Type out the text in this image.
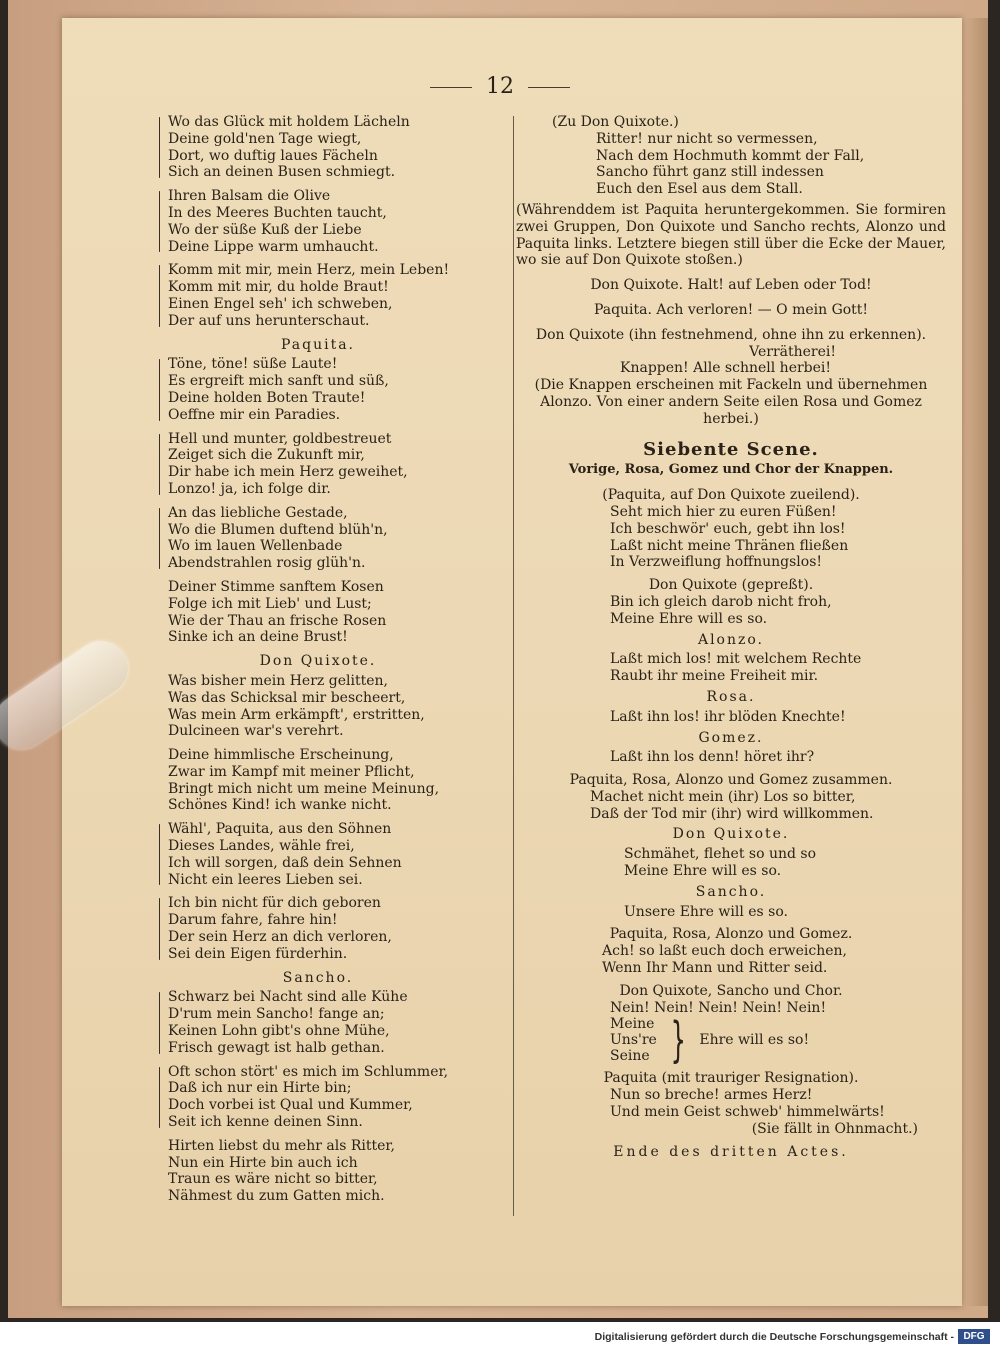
12
Wo das Glück mit holdem Lächeln
Deine gold'nen Tage wiegt,
Dort, wo duftig laues Fächeln
Sich an deinen Busen schmiegt.
Ihren Balsam die Olive
In des Meeres Buchten taucht,
Wo der süße Kuß der Liebe
Deine Lippe warm umhaucht.
Komm mit mir, mein Herz, mein Leben!
Komm mit mir, du holde Braut!
Einen Engel seh' ich schweben,
Der auf uns herunterschaut.
Paquita.
Töne, töne! süße Laute!
Es ergreift mich sanft und süß,
Deine holden Boten Traute!
Oeffne mir ein Paradies.
Hell und munter, goldbestreuet
Zeiget sich die Zukunft mir,
Dir habe ich mein Herz geweihet,
Lonzo! ja, ich folge dir.
An das liebliche Gestade,
Wo die Blumen duftend blüh'n,
Wo im lauen Wellenbade
Abendstrahlen rosig glüh'n.
Deiner Stimme sanftem Kosen
Folge ich mit Lieb' und Lust;
Wie der Thau an frische Rosen
Sinke ich an deine Brust!
Don Quixote.
Was bisher mein Herz gelitten,
Was das Schicksal mir bescheert,
Was mein Arm erkämpft', erstritten,
Dulcineen war's verehrt.
Deine himmlische Erscheinung,
Zwar im Kampf mit meiner Pflicht,
Bringt mich nicht um meine Meinung,
Schönes Kind! ich wanke nicht.
Wähl', Paquita, aus den Söhnen
Dieses Landes, wähle frei,
Ich will sorgen, daß dein Sehnen
Nicht ein leeres Lieben sei.
Ich bin nicht für dich geboren
Darum fahre, fahre hin!
Der sein Herz an dich verloren,
Sei dein Eigen fürderhin.
Sancho.
Schwarz bei Nacht sind alle Kühe
D'rum mein Sancho! fange an;
Keinen Lohn gibt's ohne Mühe,
Frisch gewagt ist halb gethan.
Oft schon stört' es mich im Schlummer,
Daß ich nur ein Hirte bin;
Doch vorbei ist Qual und Kummer,
Seit ich kenne deinen Sinn.
Hirten liebst du mehr als Ritter,
Nun ein Hirte bin auch ich
Traun es wäre nicht so bitter,
Nähmest du zum Gatten mich.
(Zu Don Quixote.)
Ritter! nur nicht so vermessen,
Nach dem Hochmuth kommt der Fall,
Sancho führt ganz still indessen
Euch den Esel aus dem Stall.
(Währenddem ist Paquita heruntergekommen. Sie formiren zwei Gruppen, Don Quixote und Sancho rechts, Alonzo und Paquita links. Letztere biegen still über die Ecke der Mauer, wo sie auf Don Quixote stoßen.)
Don Quixote. Halt! auf Leben oder Tod!
Paquita. Ach verloren! — O mein Gott!
Don Quixote (ihn festnehmend, ohne ihn zu erkennen).
Verrätherei!
Knappen! Alle schnell herbei!
(Die Knappen erscheinen mit Fackeln und übernehmen Alonzo. Von einer andern Seite eilen Rosa und Gomez herbei.)
Siebente Scene.
Vorige, Rosa, Gomez und Chor der Knappen.
(Paquita, auf Don Quixote zueilend).
Seht mich hier zu euren Füßen!
Ich beschwör' euch, gebt ihn los!
Laßt nicht meine Thränen fließen
In Verzweiflung hoffnungslos!
Don Quixote (gepreßt).
Bin ich gleich darob nicht froh,
Meine Ehre will es so.
Alonzo.
Laßt mich los! mit welchem Rechte
Raubt ihr meine Freiheit mir.
Rosa.
Laßt ihn los! ihr blöden Knechte!
Gomez.
Laßt ihn los denn! höret ihr?
Paquita, Rosa, Alonzo und Gomez zusammen.
Machet nicht mein (ihr) Los so bitter,
Daß der Tod mir (ihr) wird willkommen.
Don Quixote.
Schmähet, flehet so und so
Meine Ehre will es so.
Sancho.
Unsere Ehre will es so.
Paquita, Rosa, Alonzo und Gomez.
Ach! so laßt euch doch erweichen,
Wenn Ihr Mann und Ritter seid.
Don Quixote, Sancho und Chor.
Nein! Nein! Nein! Nein! Nein!
Meine
Uns're
Seine } Ehre will es so!
Paquita (mit trauriger Resignation).
Nun so breche! armes Herz!
Und mein Geist schweb' himmelwärts!
(Sie fällt in Ohnmacht.)
Ende des dritten Actes.
Digitalisierung gefördert durch die Deutsche Forschungsgemeinschaft - DFG
